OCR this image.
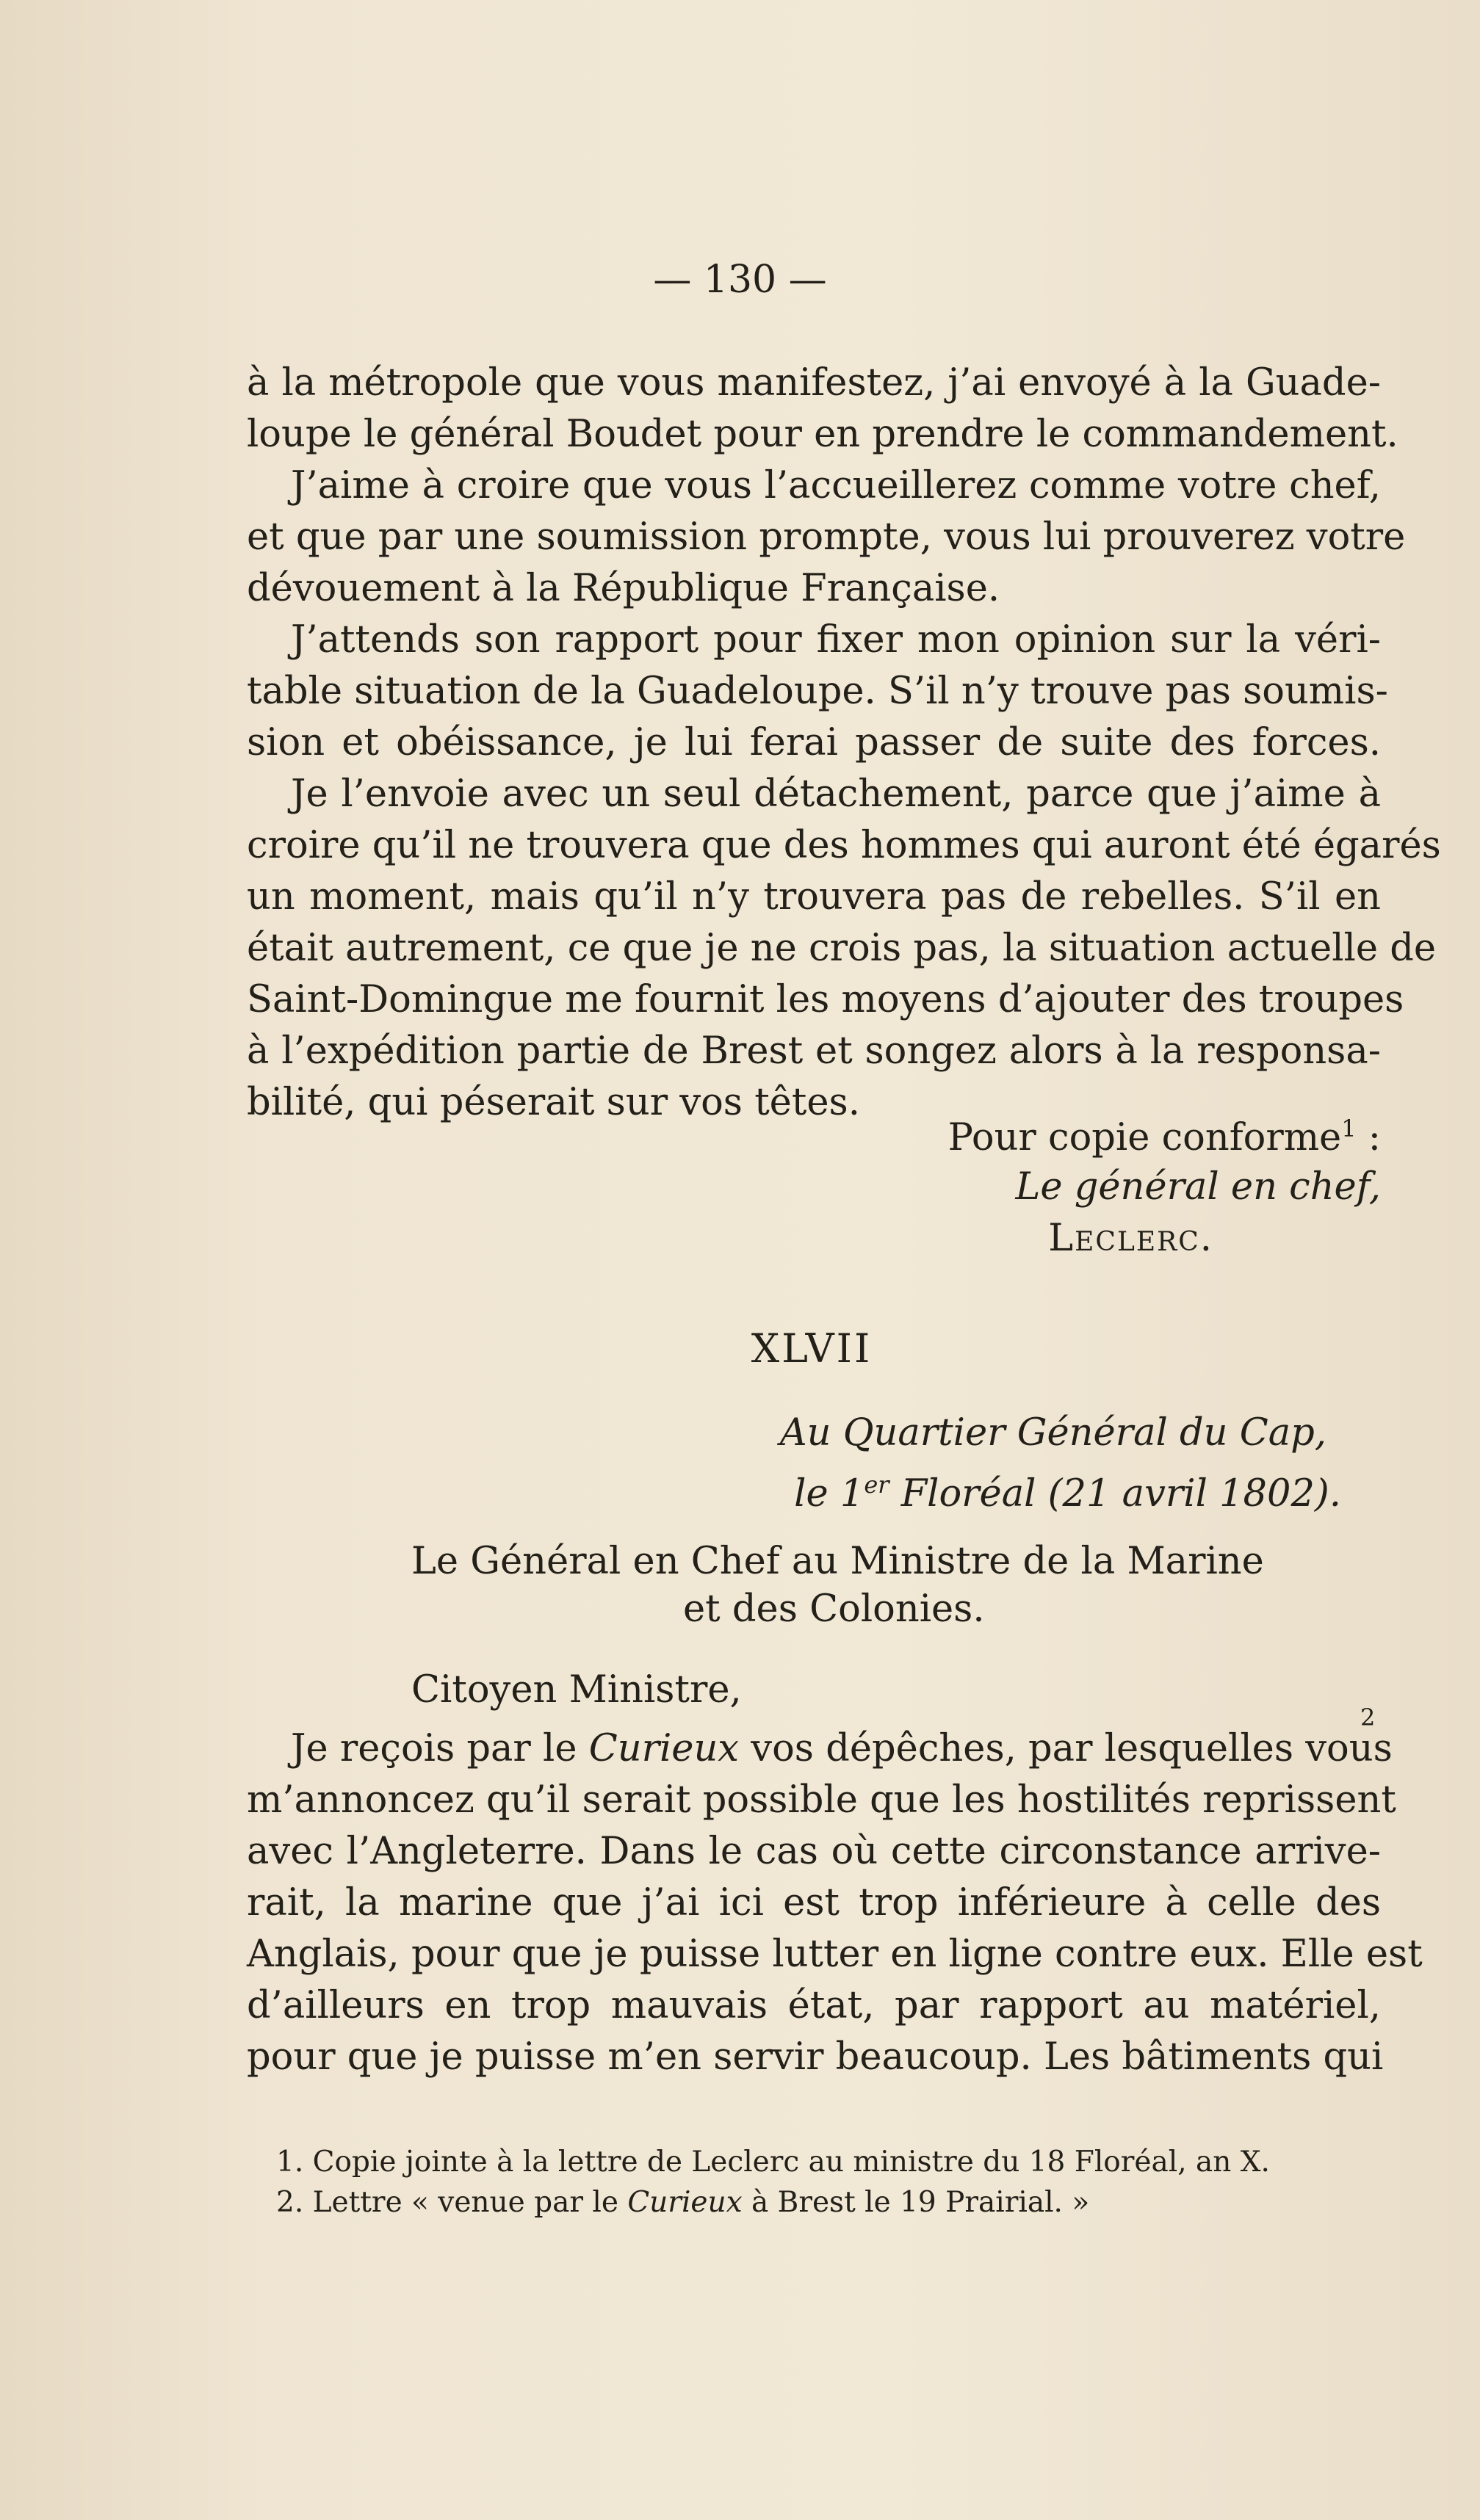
— 130 —
à la métropole que vous manifestez, j’ai envoyé à la Guade-
loupe le général Boudet pour en prendre le commandement.
J’aime à croire que vous l’accueillerez comme votre chef,
et que par une soumission prompte, vous lui prouverez votre
dévouement à la République Française.
J’attends son rapport pour fixer mon opinion sur la véri-
table situation de la Guadeloupe. S’il n’y trouve pas soumis-
sion et obéissance, je lui ferai passer de suite des forces.
Je l’envoie avec un seul détachement, parce que j’aime à
croire qu’il ne trouvera que des hommes qui auront été égarés
un moment, mais qu’il n’y trouvera pas de rebelles. S’il en
était autrement, ce que je ne crois pas, la situation actuelle de
Saint-Domingue me fournit les moyens d’ajouter des troupes
à l’expédition partie de Brest et songez alors à la responsa-
bilité, qui péserait sur vos têtes.
Pour copie conforme$^1$ :
Le général en chef,
Leclerc.
XLVII
Au Quartier Général du Cap,
le 1er Floréal (21 avril 1802).
Le Général en Chef au Ministre de la Marine
et des Colonies.
Citoyen Ministre,
Je reçois par le Curieux vos dépêches, par lesquelles vous
m’annoncez qu’il serait possible que les hostilités reprissent
avec l’Angleterre. Dans le cas où cette circonstance arrive-
rait, la marine que j’ai ici est trop inférieure à celle des
Anglais, pour que je puisse lutter en ligne contre eux. Elle est
d’ailleurs en trop mauvais état, par rapport au matériel,
pour que je puisse m’en servir beaucoup. Les bâtiments qui
2
1. Copie jointe à la lettre de Leclerc au ministre du 18 Floréal, an X.
2. Lettre « venue par le Curieux à Brest le 19 Prairial. »
